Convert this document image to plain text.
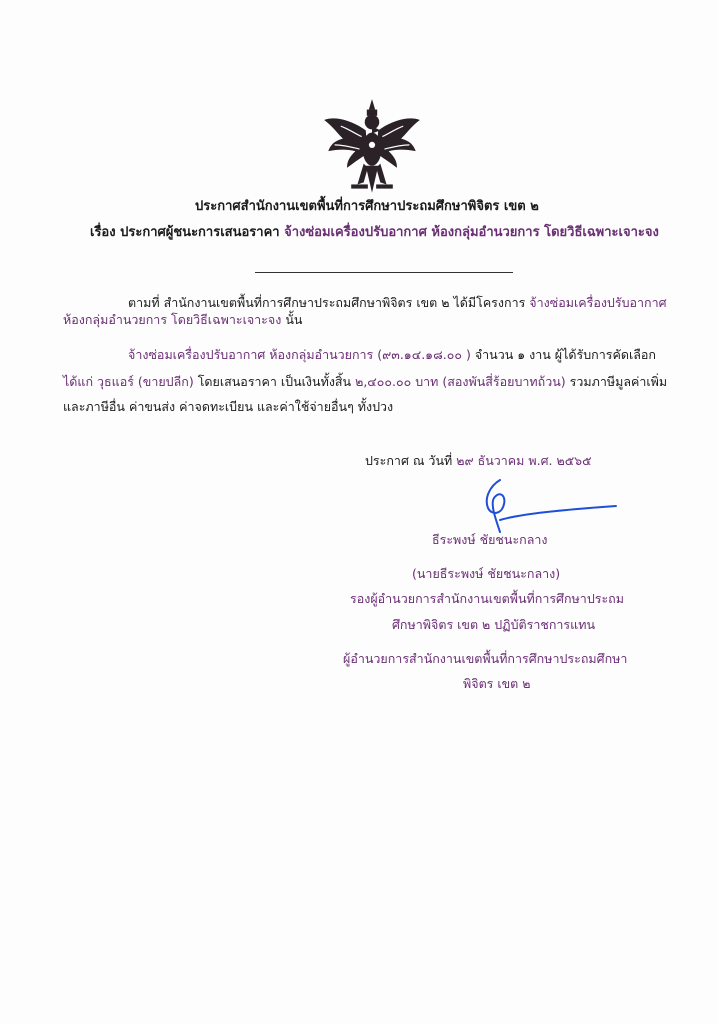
ประกาศสำนักงานเขตพื้นที่การศึกษาประถมศึกษาพิจิตร เขต ๒
เรื่อง ประกาศผู้ชนะการเสนอราคา จ้างซ่อมเครื่องปรับอากาศ ห้องกลุ่มอำนวยการ โดยวิธีเฉพาะเจาะจง
ตามที่ สำนักงานเขตพื้นที่การศึกษาประถมศึกษาพิจิตร เขต ๒ ได้มีโครงการ จ้างซ่อมเครื่องปรับอากาศ
ห้องกลุ่มอำนวยการ โดยวิธีเฉพาะเจาะจง นั้น
จ้างซ่อมเครื่องปรับอากาศ ห้องกลุ่มอำนวยการ (๙๓.๑๔.๑๘.๐๐ ) จำนวน ๑ งาน ผู้ได้รับการคัดเลือก
ได้แก่ วุธแอร์ (ขายปลีก) โดยเสนอราคา เป็นเงินทั้งสิ้น ๒,๔๐๐.๐๐ บาท (สองพันสี่ร้อยบาทถ้วน) รวมภาษีมูลค่าเพิ่ม
และภาษีอื่น ค่าขนส่ง ค่าจดทะเบียน และค่าใช้จ่ายอื่นๆ ทั้งปวง
ประกาศ ณ วันที่ ๒๙ ธันวาคม พ.ศ. ๒๕๖๕
ธีระพงษ์ ชัยชนะกลาง
(นายธีระพงษ์ ชัยชนะกลาง)
รองผู้อำนวยการสำนักงานเขตพื้นที่การศึกษาประถม
ศึกษาพิจิตร เขต ๒ ปฏิบัติราชการแทน
ผู้อำนวยการสำนักงานเขตพื้นที่การศึกษาประถมศึกษา
พิจิตร เขต ๒
